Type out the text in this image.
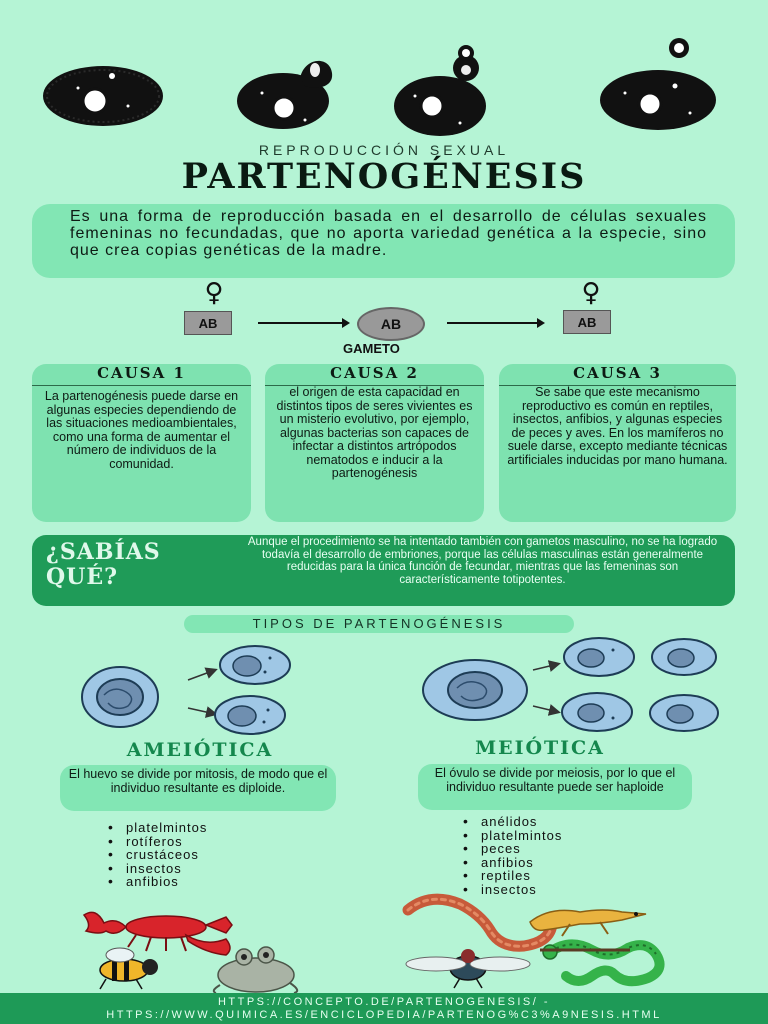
REPRODUCCIÓN SEXUAL
PARTENOGÉNESIS
Es una forma de reproducción basada en el desarrollo de células sexuales femeninas no fecundadas, que no aporta variedad genética a la especie, sino que crea copias genéticas de la madre.
♀	♀
AB	AB
GAMETO
AB
CAUSA 1
La partenogénesis puede darse en algunas especies dependiendo de las situaciones medioambientales, como una forma de aumentar el número de individuos de la comunidad.
CAUSA 2
el origen de esta capacidad en distintos tipos de seres vivientes es un misterio evolutivo, por ejemplo, algunas bacterias son capaces de infectar a distintos artrópodos nematodos e inducir a la partenogénesis
CAUSA 3
Se sabe que este mecanismo reproductivo es común en reptiles, insectos, anfibios, y algunas especies de peces y aves. En los mamíferos no suele darse, excepto mediante técnicas artificiales inducidas por mano humana.
¿SABÍAS
QUÉ?
Aunque el procedimiento se ha intentado también con gametos masculino, no se ha logrado todavía el desarrollo de embriones, porque las células masculinas están generalmente reducidas para la única función de fecundar, mientras que las femeninas son característicamente totipotentes.
TIPOS DE PARTENOGÉNESIS
AMEIÓTICA	MEIÓTICA
El huevo se divide por mitosis, de modo que el individuo resultante es diploide.
El óvulo se divide por meiosis, por lo que el individuo resultante puede ser haploide
• platelmintos
• rotíferos
• crustáceos
• insectos
• anfibios
• anélidos
• platelmintos
• peces
• anfibios
• reptiles
• insectos
HTTPS://CONCEPTO.DE/PARTENOGENESIS/ -
HTTPS://WWW.QUIMICA.ES/ENCICLOPEDIA/PARTENOG%C3%A9NESIS.HTML
